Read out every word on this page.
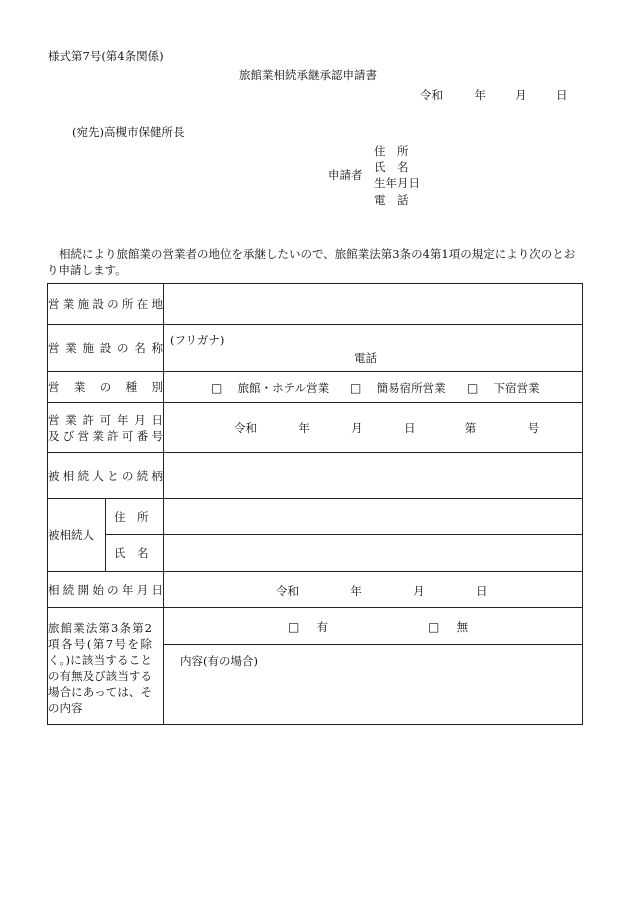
様式第7号(第4条関係)
旅館業相続承継承認申請書
令和	年	月	日
(宛先)高槻市保健所長
申請者
住　所
氏　名
生年月日
電　話
相続により旅館業の営業者の地位を承継したいので、旅館業法第3条の4第1項の規定により次のとおり申請します。
営業施設の所在地		

営業施設の名称		(フリガナ)
電話

営業の種別		□ 旅館・ホテル営業 □ 簡易宿所営業 □ 下宿営業

営業許可年月日
及び営業許可番号		令和 年 月 日 第 号

被相続人との続柄		

被相続人	住　所	

	氏　名	

相続開始の年月日		令和 年 月 日

旅館業法第3条第2項各号(第7号を除く。)に該当することの有無及び該当する場合にあっては、その内容		□ 有 □ 無

		内容(有の場合)
